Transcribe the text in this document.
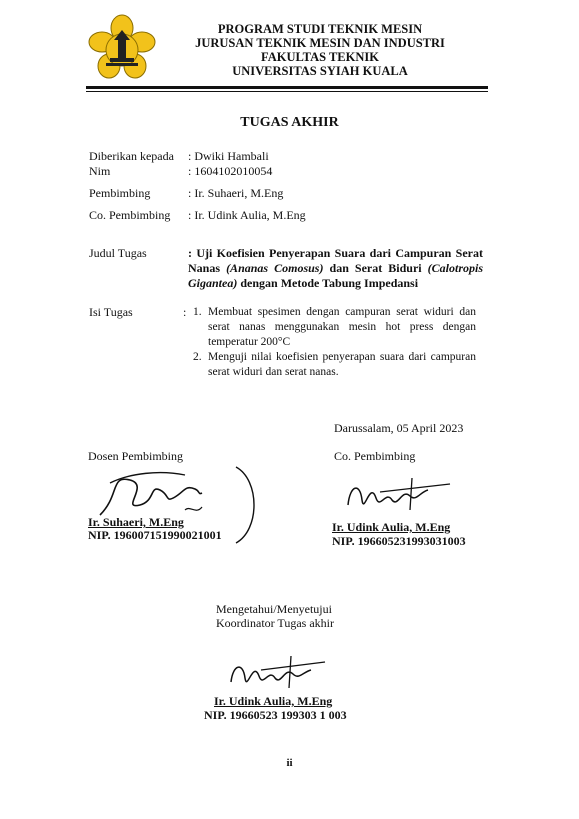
PROGRAM STUDI TEKNIK MESIN
JURUSAN TEKNIK MESIN DAN INDUSTRI
FAKULTAS TEKNIK
UNIVERSITAS SYIAH KUALA
TUGAS AKHIR
Diberikan kepada : Dwiki Hambali
Nim	: 1604102010054
Pembimbing	: Ir. Suhaeri, M.Eng
Co. Pembimbing : Ir. Udink Aulia, M.Eng
Judul Tugas	: Uji Koefisien Penyerapan Suara dari Campuran Serat Nanas (Ananas Comosus) dan Serat Biduri (Calotropis Gigantea) dengan Metode Tabung Impedansi
Isi Tugas	: 1. Membuat spesimen dengan campuran serat widuri dan serat nanas menggunakan mesin hot press dengan temperatur 200°C
2. Menguji nilai koefisien penyerapan suara dari campuran serat widuri dan serat nanas.
Darussalam, 05 April 2023
Dosen Pembimbing
Ir. Suhaeri, M.Eng
NIP. 196007151990021001
Co. Pembimbing
Ir. Udink Aulia, M.Eng
NIP. 196605231993031003
Mengetahui/Menyetujui
Koordinator Tugas akhir
Ir. Udink Aulia, M.Eng
NIP. 19660523 199303 1 003
ii
